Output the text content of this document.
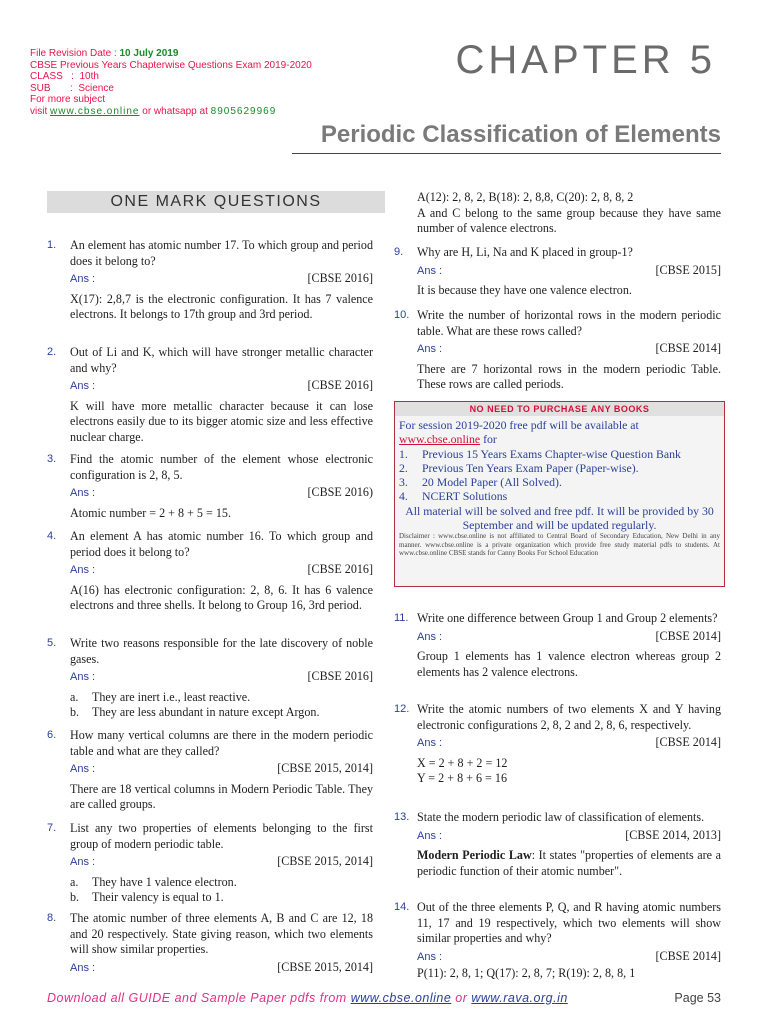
File Revision Date : 10 July 2019
CBSE Previous Years Chapterwise Questions Exam 2019-2020
CLASS   :  10th
SUB       :  Science
For more subject
visit www.cbse.online or whatsapp at 8905629969
CHAPTER 5
Periodic Classification of Elements
ONE MARK QUESTIONS
1. An element has atomic number 17. To which group and period does it belong to?
Ans :	[CBSE 2016]
X(17): 2,8,7 is the electronic configuration. It has 7 valence electrons. It belongs to 17th group and 3rd period.
2. Out of Li and K, which will have stronger metallic character and why?
Ans :	[CBSE 2016]
K will have more metallic character because it can lose electrons easily due to its bigger atomic size and less effective nuclear charge.
3. Find the atomic number of the element whose electronic configuration is 2, 8, 5.
Ans :	[CBSE 2016)
Atomic number = 2 + 8 + 5 = 15.
4. An element A has atomic number 16. To which group and period does it belong to?
Ans :	[CBSE 2016]
A(16) has electronic configuration: 2, 8, 6. It has 6 valence electrons and three shells. It belong to Group 16, 3rd period.
5. Write two reasons responsible for the late discovery of noble gases.
Ans :	[CBSE 2016]
a. They are inert i.e., least reactive.
b. They are less abundant in nature except Argon.
6. How many vertical columns are there in the modern periodic table and what are they called?
Ans :	[CBSE 2015, 2014]
There are 18 vertical columns in Modern Periodic Table. They are called groups.
7. List any two properties of elements belonging to the first group of modern periodic table.
Ans :	[CBSE 2015, 2014]
a. They have 1 valence electron.
b. Their valency is equal to 1.
8. The atomic number of three elements A, B and C are 12, 18 and 20 respectively. State giving reason, which two elements will show similar properties.
Ans :	[CBSE 2015, 2014]
A(12): 2, 8, 2, B(18): 2, 8,8, C(20): 2, 8, 8, 2
A and C belong to the same group because they have same number of valence electrons.
9. Why are H, Li, Na and K placed in group-1?
Ans :	[CBSE 2015]
It is because they have one valence electron.
10. Write the number of horizontal rows in the modern periodic table. What are these rows called?
Ans :	[CBSE 2014]
There are 7 horizontal rows in the modern periodic Table. These rows are called periods.
NO NEED TO PURCHASE ANY BOOKS
For session 2019-2020 free pdf will be available at
www.cbse.online for
1. Previous 15 Years Exams Chapter-wise Question Bank
2. Previous Ten Years Exam Paper (Paper-wise).
3. 20 Model Paper (All Solved).
4. NCERT Solutions
All material will be solved and free pdf. It will be provided by 30 September and will be updated regularly.
Disclaimer : www.cbse.online is not affiliated to Central Board of Secondary Education, New Delhi in any manner. www.cbse.online is a private organization which provide free study material pdfs to students. At www.cbse.online CBSE stands for Canny Books For School Education
11. Write one difference between Group 1 and Group 2 elements?
Ans :	[CBSE 2014]
Group 1 elements has 1 valence electron whereas group 2 elements has 2 valence electrons.
12. Write the atomic numbers of two elements X and Y having electronic configurations 2, 8, 2 and 2, 8, 6, respectively.
Ans :	[CBSE 2014]
X = 2 + 8 + 2 = 12
Y = 2 + 8 + 6 = 16
13. State the modern periodic law of classification of elements.
Ans :	[CBSE 2014, 2013]
Modern Periodic Law: It states "properties of elements are a periodic function of their atomic number".
14. Out of the three elements P, Q, and R having atomic numbers 11, 17 and 19 respectively, which two elements will show similar properties and why?
Ans :	[CBSE 2014]
P(11): 2, 8, 1; Q(17): 2, 8, 7; R(19): 2, 8, 8, 1
Download all GUIDE and Sample Paper pdfs from www.cbse.online or www.rava.org.in	Page 53
